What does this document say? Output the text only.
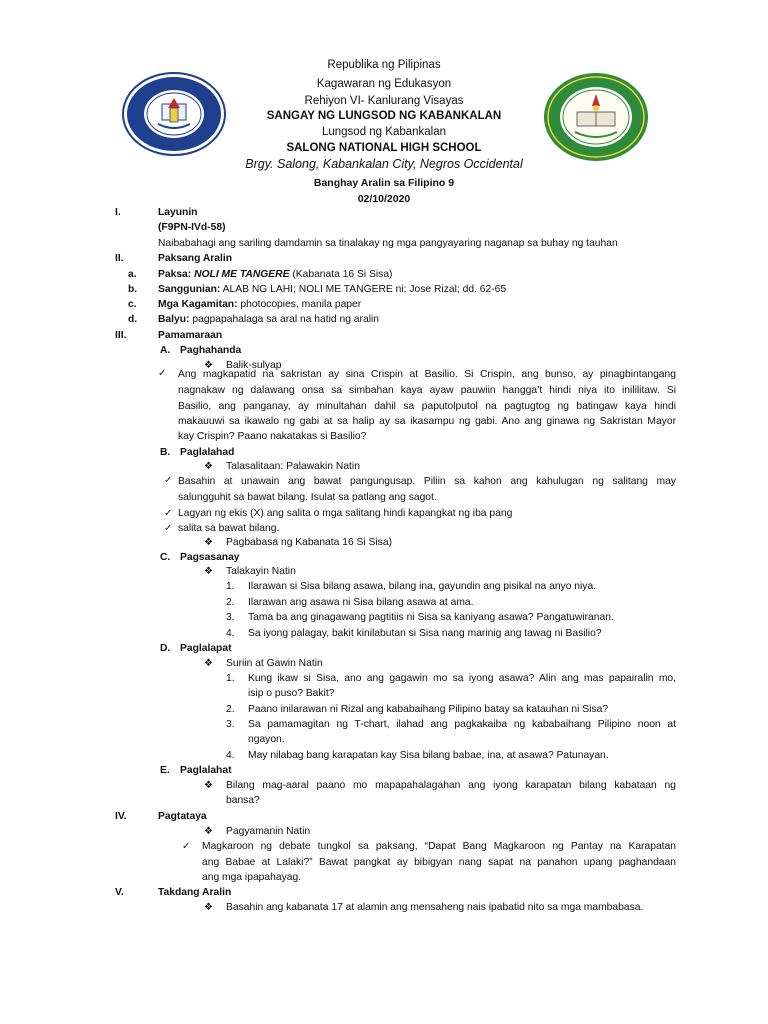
Republika ng Pilipinas
Kagawaran ng Edukasyon
Rehiyon VI- Kanlurang Visayas
SANGAY NG LUNGSOD NG KABANKALAN
Lungsod ng Kabankalan
SALONG NATIONAL HIGH SCHOOL
Brgy. Salong, Kabankalan City, Negros Occidental
Banghay Aralin sa Filipino 9
02/10/2020
I.	Layunin
(F9PN-IVd-58)
Naibabahagi ang sariling damdamin sa tinalakay ng mga pangyayaring naganap sa buhay ng tauhan
II.	Paksang Aralin
a. Paksa: NOLI ME TANGERE (Kabanata 16 Si Sisa)
b. Sanggunian: ALAB NG LAHI; NOLI ME TANGERE ni: Jose Rizal; dd. 62-65
c. Mga Kagamitan: photocopies, manila paper
d. Balyu: pagpapahalaga sa aral na hatid ng aralin
III.	Pamamaraan
A. Paghahanda
❖ Balik-sulyap
✓ Ang magkapatid na sakristan ay sina Crispin at Basilio. Si Crispin, ang bunso, ay pinagbintangang
nagnakaw ng dalawang onsa sa simbahan kaya ayaw pauwiin hangga’t hindi niya ito inililitaw. Si
Basilio, ang panganay, ay minultahan dahil sa paputolputol na pagtugtog ng batingaw kaya hindi
makauuwi sa ikawalo ng gabi at sa halip ay sa ikasampu ng gabi. Ano ang ginawa ng Sakristan Mayor
kay Crispin? Paano nakatakas si Basilio?
B. Paglalahad
❖ Talasalitaan: Palawakin Natin
✓ Basahin at unawain ang bawat pangungusap. Piliin sa kahon ang kahulugan ng salitang may
salungguhit sa bawat bilang. Isulat sa patlang ang sagot.
✓ Lagyan ng ekis (X) ang salita o mga salitang hindi kapangkat ng iba pang
✓ salita sa bawat bilang.
❖ Pagbabasa ng Kabanata 16 Si Sisa)
C. Pagsasanay
❖ Talakayin Natin
1. Ilarawan si Sisa bilang asawa, bilang ina, gayundin ang pisikal na anyo niya.
2. Ilarawan ang asawa ni Sisa bilang asawa at ama.
3. Tama ba ang ginagawang pagtitiis ni Sisa sa kaniyang asawa? Pangatuwiranan.
4. Sa iyong palagay, bakit kinilabutan si Sisa nang marinig ang tawag ni Basilio?
D. Paglalapat
❖ Suriin at Gawin Natin
1. Kung ikaw si Sisa, ano ang gagawin mo sa iyong asawa? Alin ang mas papairalin mo,
isip o puso? Bakit?
2. Paano inilarawan ni Rizal ang kababaihang Pilipino batay sa katauhan ni Sisa?
3. Sa pamamagitan ng T-chart, ilahad ang pagkakaiba ng kababaihang Pilipino noon at
ngayon.
4. May nilabag bang karapatan kay Sisa bilang babae, ina, at asawa? Patunayan.
E. Paglalahat
❖ Bilang mag-aaral paano mo mapapahalagahan ang iyong karapatan bilang kabataan ng
bansa?
IV.	Pagtataya
❖ Pagyamanin Natin
✓ Magkaroon ng debate tungkol sa paksang, “Dapat Bang Magkaroon ng Pantay na Karapatan
ang Babae at Lalaki?” Bawat pangkat ay bibigyan nang sapat na panahon upang paghandaan
ang mga ipapahayag.
V.	Takdang Aralin
❖ Basahin ang kabanata 17 at alamin ang mensaheng nais ipabatid nito sa mga mambabasa.
